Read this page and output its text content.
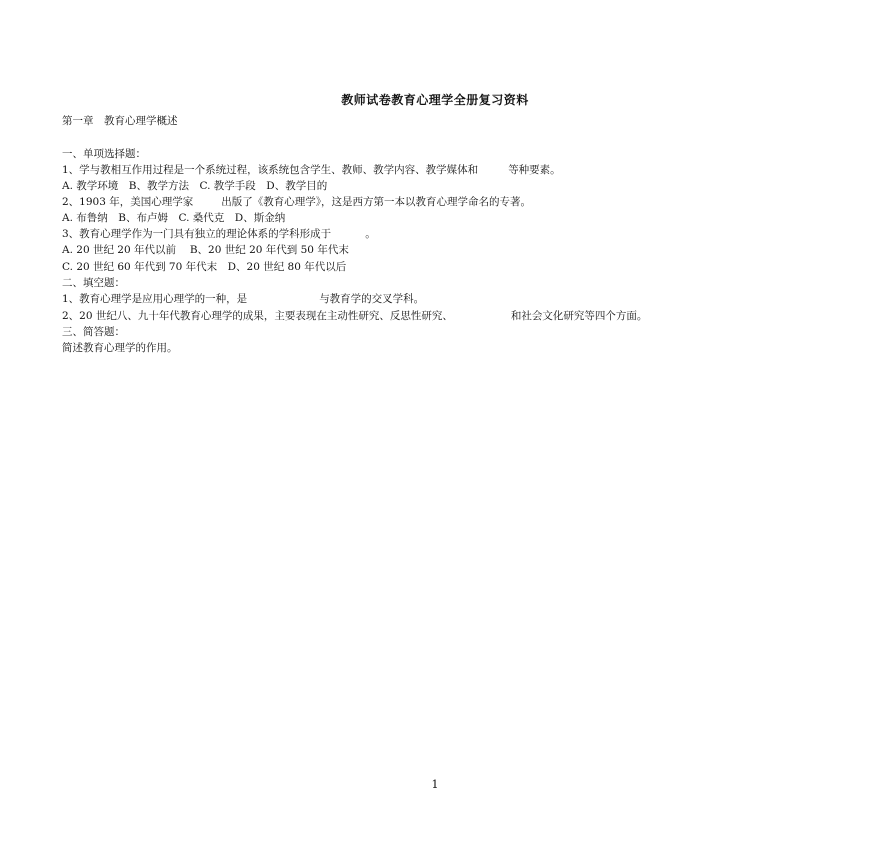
教师试卷教育心理学全册复习资料
第一章　教育心理学概述
一、单项选择题：
1、学与教相互作用过程是一个系统过程，该系统包含学生、教师、教学内容、教学媒体和	等种要素。
A. 教学环境　B、教学方法　C. 教学手段　D、教学目的
2、1903 年，美国心理学家	出版了《教育心理学》，这是西方第一本以教育心理学命名的专著。
A. 布鲁纳　B、布卢姆　C. 桑代克　D、斯金纳
3、教育心理学作为一门具有独立的理论体系的学科形成于	。
A. 20 世纪 20 年代以前　 B、20 世纪 20 年代到 50 年代末
C. 20 世纪 60 年代到 70 年代末　D、20 世纪 80 年代以后
二、填空题：
1、教育心理学是应用心理学的一种，是	与教育学的交叉学科。
2、20 世纪八、九十年代教育心理学的成果，主要表现在主动性研究、反思性研究、	和社会文化研究等四个方面。
三、简答题：
简述教育心理学的作用。
1
